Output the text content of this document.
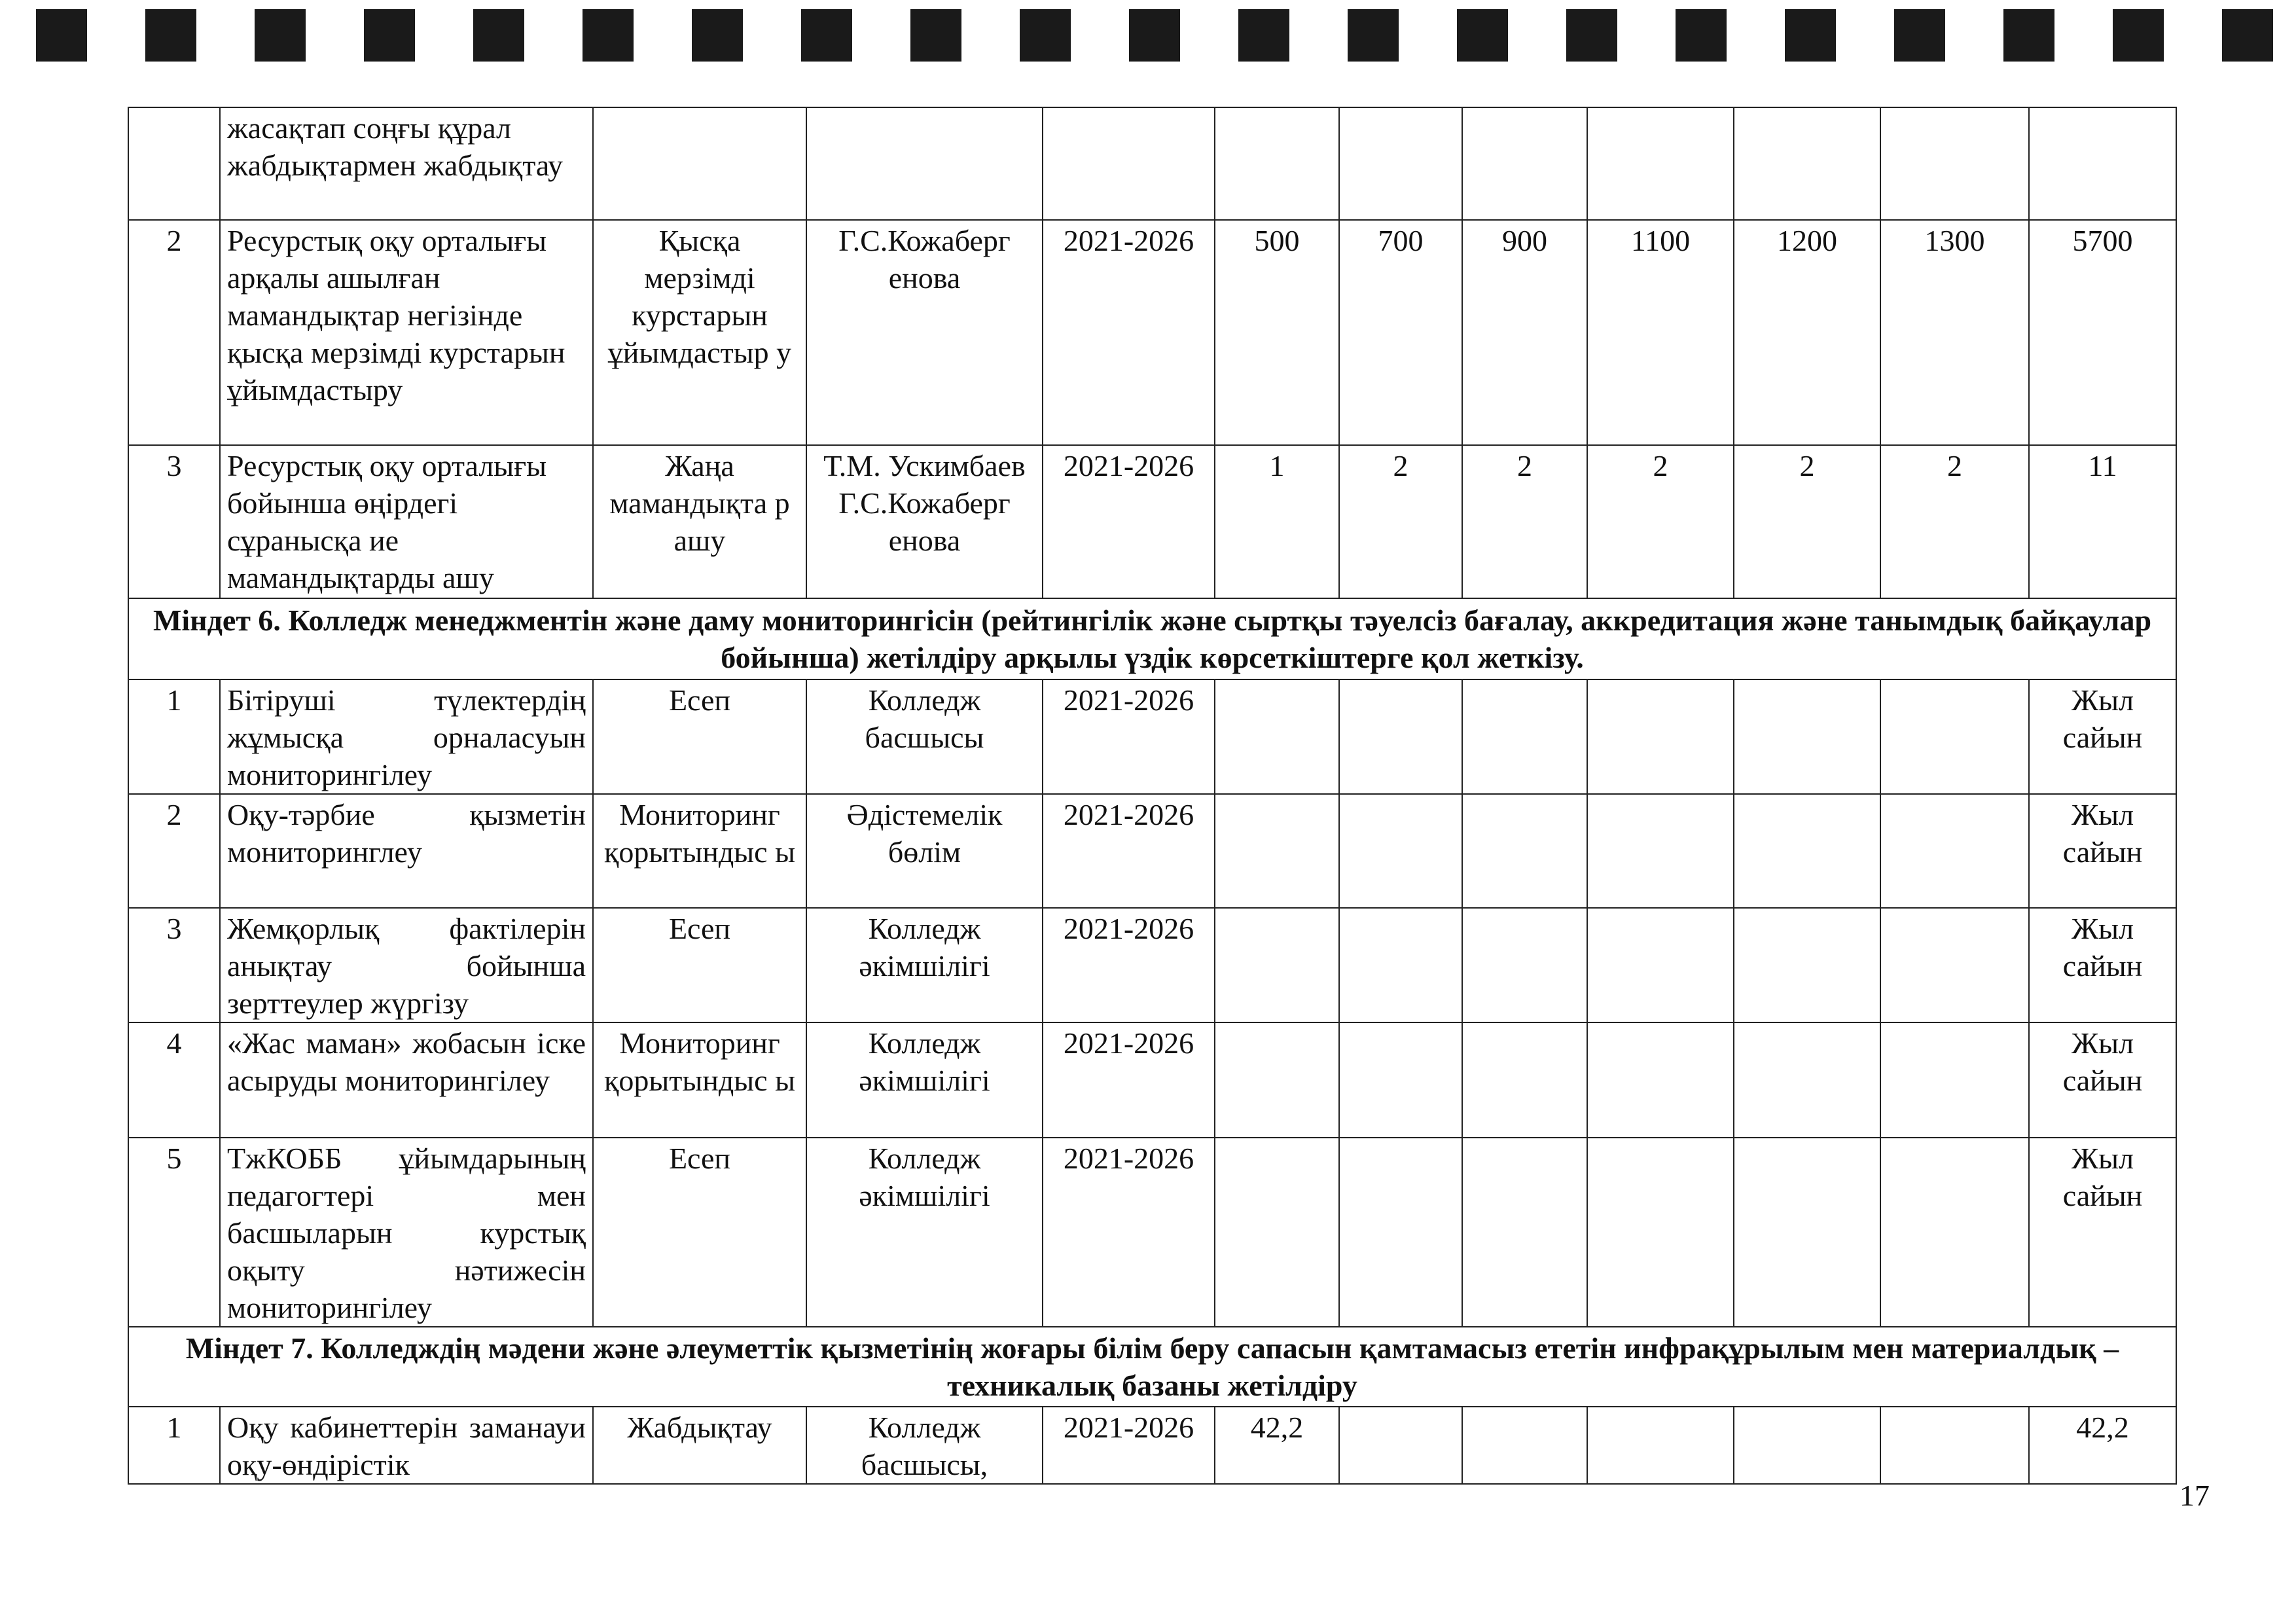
	жасақтап соңғы құрал жабдықтармен жабдықтау										
2	Ресурстық оқу орталығы арқалы ашылған мамандықтар негізінде қысқа мерзімді курстарын ұйымдастыру	Қысқа мерзімді курстарын ұйымдастыр у	Г.С.Кожаберг енова	2021-2026	500	700	900	1100	1200	1300	5700
3	Ресурстық оқу орталығы бойынша өңірдегі сұранысқа ие мамандықтарды ашу	Жаңа мамандықта р ашу	Т.М. Ускимбаев Г.С.Кожаберг енова	2021-2026	1	2	2	2	2	2	11
Міндет 6. Колледж менеджментін және даму мониторингісін (рейтингілік және сыртқы тәуелсіз бағалау, аккредитация және танымдық байқаулар бойынша) жетілдіру арқылы үздік көрсеткіштерге қол жеткізу.											
1	Бітіруші түлектердің жұмысқа орналасуын мониторингілеу	Есеп	Колледж басшысы	2021-2026							Жыл сайын
2	Оқу-тәрбие қызметін мониторинглеу	Мониторинг қорытындыс ы	Әдістемелік бөлім	2021-2026							Жыл сайын
3	Жемқорлық фактілерін анықтау бойынша зерттеулер жүргізу	Есеп	Колледж әкімшілігі	2021-2026							Жыл сайын
4	«Жас маман» жобасын іске асыруды мониторингілеу	Мониторинг қорытындыс ы	Колледж әкімшілігі	2021-2026							Жыл сайын
5	ТжКОББ ұйымдарының педагогтері мен басшыларын курстық оқыту нәтижесін мониторингілеу	Есеп	Колледж әкімшілігі	2021-2026							Жыл сайын
Міндет 7. Колледждің мәдени және әлеуметтік қызметінің жоғары білім беру сапасын қамтамасыз ететін инфрақұрылым мен материалдық – техникалық базаны жетілдіру											
1	Оқу кабинеттерін заманауи оқу-өндірістік	Жабдықтау	Колледж басшысы,	2021-2026	42,2						42,2
17
